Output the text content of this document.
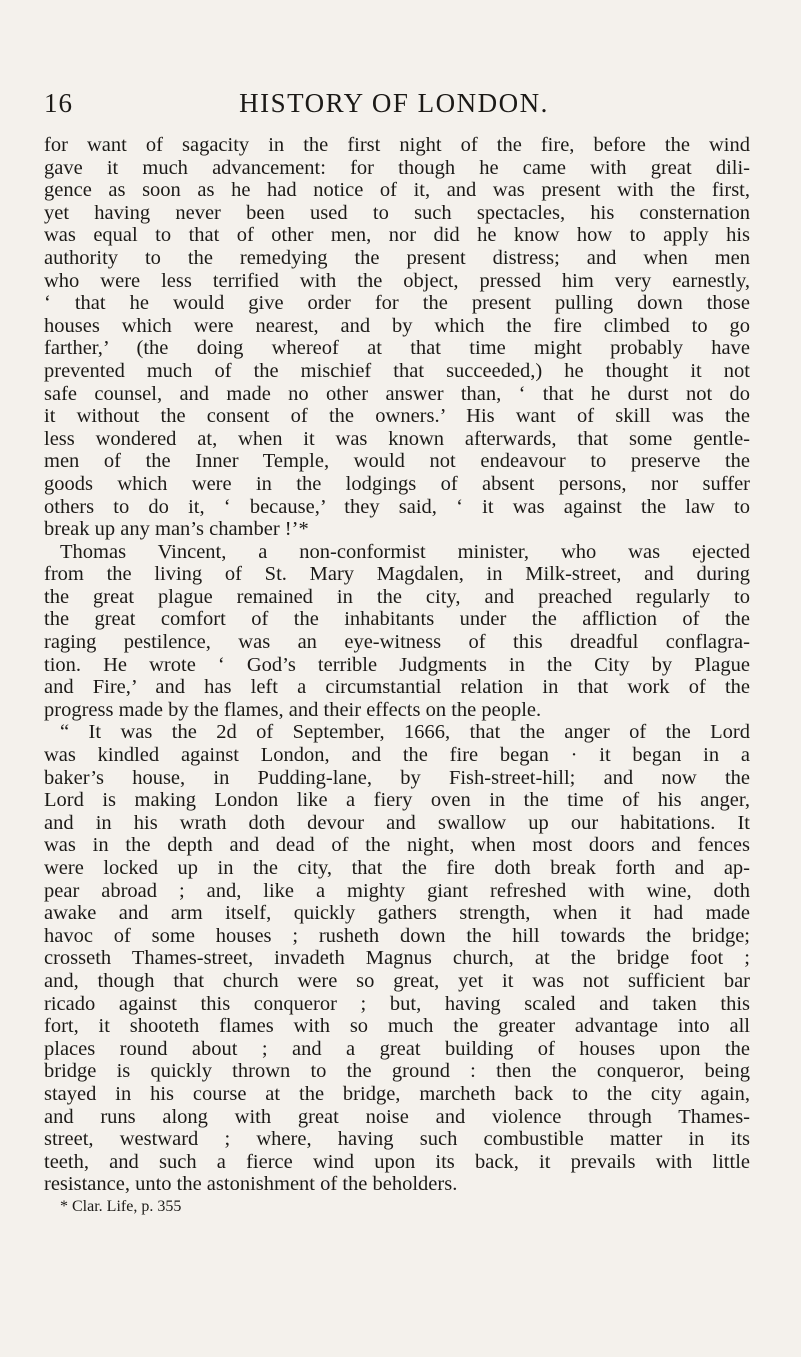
16	HISTORY OF LONDON.
for want of sagacity in the first night of the fire, before the wind
gave it much advancement: for though he came with great dili-
gence as soon as he had notice of it, and was present with the first,
yet having never been used to such spectacles, his consternation
was equal to that of other men, nor did he know how to apply his
authority to the remedying the present distress; and when men
who were less terrified with the object, pressed him very earnestly,
‘ that he would give order for the present pulling down those
houses which were nearest, and by which the fire climbed to go
farther,’ (the doing whereof at that time might probably have
prevented much of the mischief that succeeded,) he thought it not
safe counsel, and made no other answer than, ‘ that he durst not do
it without the consent of the owners.’ His want of skill was the
less wondered at, when it was known afterwards, that some gentle-
men of the Inner Temple, would not endeavour to preserve the
goods which were in the lodgings of absent persons, nor suffer
others to do it, ‘ because,’ they said, ‘ it was against the law to
break up any man’s chamber !’*
Thomas Vincent, a non-conformist minister, who was ejected
from the living of St. Mary Magdalen, in Milk-street, and during
the great plague remained in the city, and preached regularly to
the great comfort of the inhabitants under the affliction of the
raging pestilence, was an eye-witness of this dreadful conflagra-
tion. He wrote ‘ God’s terrible Judgments in the City by Plague
and Fire,’ and has left a circumstantial relation in that work of the
progress made by the flames, and their effects on the people.
“ It was the 2d of September, 1666, that the anger of the Lord
was kindled against London, and the fire began · it began in a
baker’s house, in Pudding-lane, by Fish-street-hill; and now the
Lord is making London like a fiery oven in the time of his anger,
and in his wrath doth devour and swallow up our habitations. It
was in the depth and dead of the night, when most doors and fences
were locked up in the city, that the fire doth break forth and ap-
pear abroad ; and, like a mighty giant refreshed with wine, doth
awake and arm itself, quickly gathers strength, when it had made
havoc of some houses ; rusheth down the hill towards the bridge;
crosseth Thames-street, invadeth Magnus church, at the bridge foot ;
and, though that church were so great, yet it was not sufficient bar
ricado against this conqueror ; but, having scaled and taken this
fort, it shooteth flames with so much the greater advantage into all
places round about ; and a great building of houses upon the
bridge is quickly thrown to the ground : then the conqueror, being
stayed in his course at the bridge, marcheth back to the city again,
and runs along with great noise and violence through Thames-
street, westward ; where, having such combustible matter in its
teeth, and such a fierce wind upon its back, it prevails with little
resistance, unto the astonishment of the beholders.
* Clar. Life, p. 355
